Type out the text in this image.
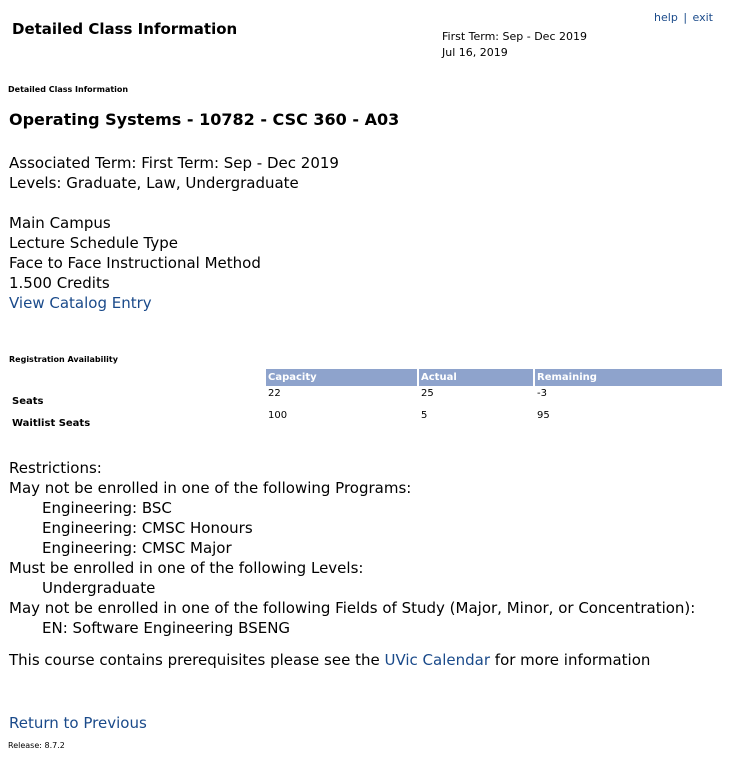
Detailed Class Information
help | exit
First Term: Sep - Dec 2019
Jul 16, 2019
Detailed Class Information
Operating Systems - 10782 - CSC 360 - A03
Associated Term: First Term: Sep - Dec 2019
Levels: Graduate, Law, Undergraduate
Main Campus
Lecture Schedule Type
Face to Face Instructional Method
1.500 Credits
View Catalog Entry
Registration Availability
	Capacity	Actual	Remaining
Seats	22	25	-3
Waitlist Seats	100	5	95
Restrictions:
May not be enrolled in one of the following Programs:
Engineering: BSC
Engineering: CMSC Honours
Engineering: CMSC Major
Must be enrolled in one of the following Levels:
Undergraduate
May not be enrolled in one of the following Fields of Study (Major, Minor, or Concentration):
EN: Software Engineering BSENG
This course contains prerequisites please see the UVic Calendar for more information
Return to Previous
Release: 8.7.2
